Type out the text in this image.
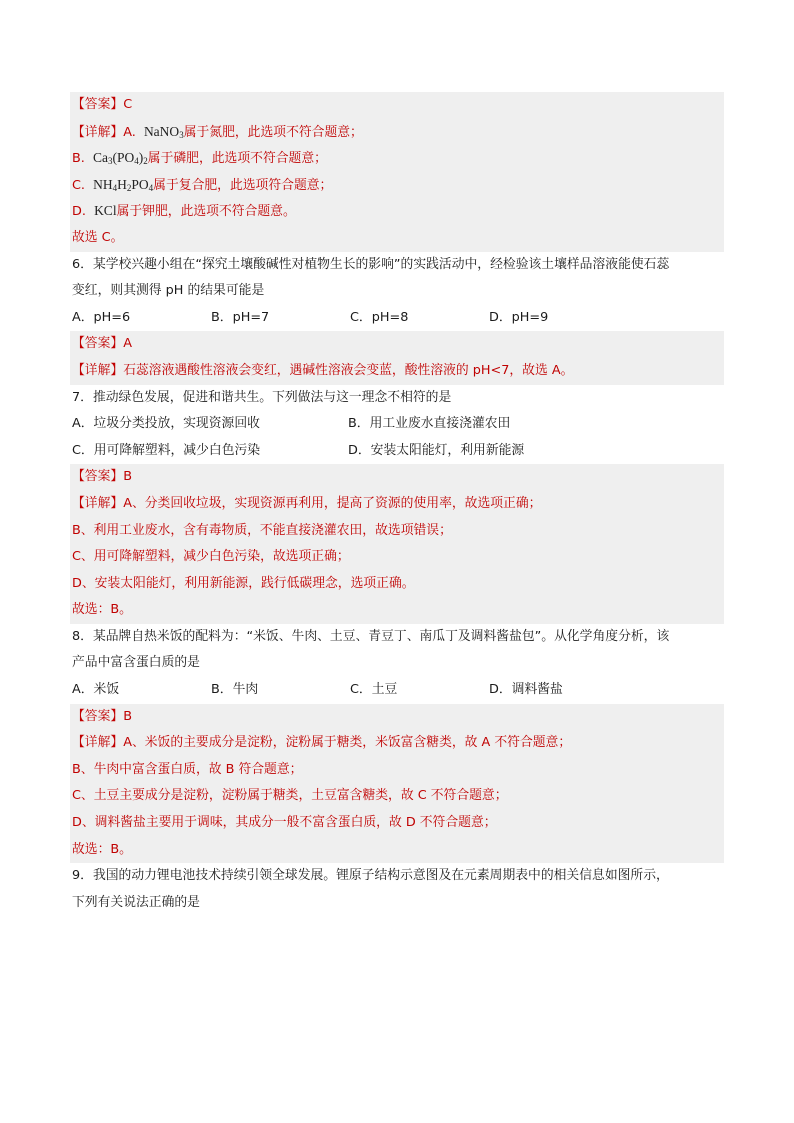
【答案】C
【详解】A. NaNO$_3$属于氮肥，此选项不符合题意；
B. $Ca_3(PO_4)_2$属于磷肥，此选项不符合题意；
C. $NH_4H_2PO_4$属于复合肥，此选项符合题意；
D. KCl属于钾肥，此选项不符合题意。
故选 C。
6．某学校兴趣小组在“探究土壤酸碱性对植物生长的影响”的实践活动中，经检验该土壤样品溶液能使石蕊
变红，则其测得 pH 的结果可能是
A．pH=6	B．pH=7	C．pH=8	D．pH=9
【答案】A
【详解】石蕊溶液遇酸性溶液会变红，遇碱性溶液会变蓝，酸性溶液的 pH<7，故选 A。
7．推动绿色发展，促进和谐共生。下列做法与这一理念不相符的是
A．垃圾分类投放，实现资源回收	B．用工业废水直接浇灌农田
C．用可降解塑料，减少白色污染	D．安装太阳能灯，利用新能源
【答案】B
【详解】A、分类回收垃圾，实现资源再利用，提高了资源的使用率，故选项正确；
B、利用工业废水，含有毒物质，不能直接浇灌农田，故选项错误；
C、用可降解塑料，减少白色污染，故选项正确；
D、安装太阳能灯，利用新能源，践行低碳理念，选项正确。
故选：B。
8．某品牌自热米饭的配料为：“米饭、牛肉、土豆、青豆丁、南瓜丁及调料酱盐包”。从化学角度分析，该
产品中富含蛋白质的是
A．米饭	B．牛肉	C．土豆	D．调料酱盐
【答案】B
【详解】A、米饭的主要成分是淀粉，淀粉属于糖类，米饭富含糖类，故 A 不符合题意；
B、牛肉中富含蛋白质，故 B 符合题意；
C、土豆主要成分是淀粉，淀粉属于糖类，土豆富含糖类，故 C 不符合题意；
D、调料酱盐主要用于调味，其成分一般不富含蛋白质，故 D 不符合题意；
故选：B。
9．我国的动力锂电池技术持续引领全球发展。锂原子结构示意图及在元素周期表中的相关信息如图所示，
下列有关说法正确的是
